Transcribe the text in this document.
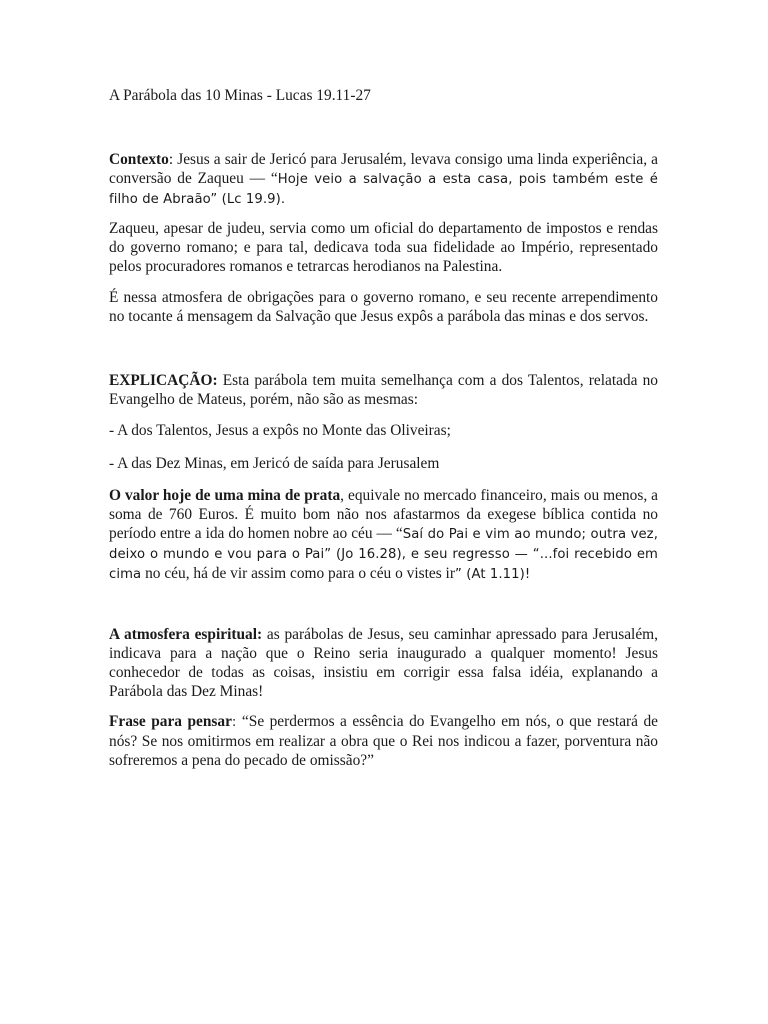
A Parábola das 10 Minas - Lucas 19.11-27

Contexto: Jesus a sair de Jericó para Jerusalém, levava consigo uma linda experiência, a conversão de Zaqueu — “Hoje veio a salvação a esta casa, pois também este é filho de Abraão” (Lc 19.9).

Zaqueu, apesar de judeu, servia como um oficial do departamento de impostos e rendas do governo romano; e para tal, dedicava toda sua fidelidade ao Império, representado pelos procuradores romanos e tetrarcas herodianos na Palestina.

É nessa atmosfera de obrigações para o governo romano, e seu recente arrependimento no tocante á mensagem da Salvação que Jesus expôs a parábola das minas e dos servos.

EXPLICAÇÃO: Esta parábola tem muita semelhança com a dos Talentos, relatada no Evangelho de Mateus, porém, não são as mesmas:

- A dos Talentos, Jesus a expôs no Monte das Oliveiras;

- A das Dez Minas, em Jericó de saída para Jerusalem

O valor hoje de uma mina de prata, equivale no mercado financeiro, mais ou menos, a soma de 760 Euros. É muito bom não nos afastarmos da exegese bíblica contida no período entre a ida do homen nobre ao céu — “Saí do Pai e vim ao mundo; outra vez, deixo o mundo e vou para o Pai” (Jo 16.28), e seu regresso — “...foi recebido em cima no céu, há de vir assim como para o céu o vistes ir” (At 1.11)!

A atmosfera espiritual: as parábolas de Jesus, seu caminhar apressado para Jerusalém, indicava para a nação que o Reino seria inaugurado a qualquer momento! Jesus conhecedor de todas as coisas, insistiu em corrigir essa falsa idéia, explanando a Parábola das Dez Minas!

Frase para pensar: “Se perdermos a essência do Evangelho em nós, o que restará de nós? Se nos omitirmos em realizar a obra que o Rei nos indicou a fazer, porventura não sofreremos a pena do pecado de omissão?”
